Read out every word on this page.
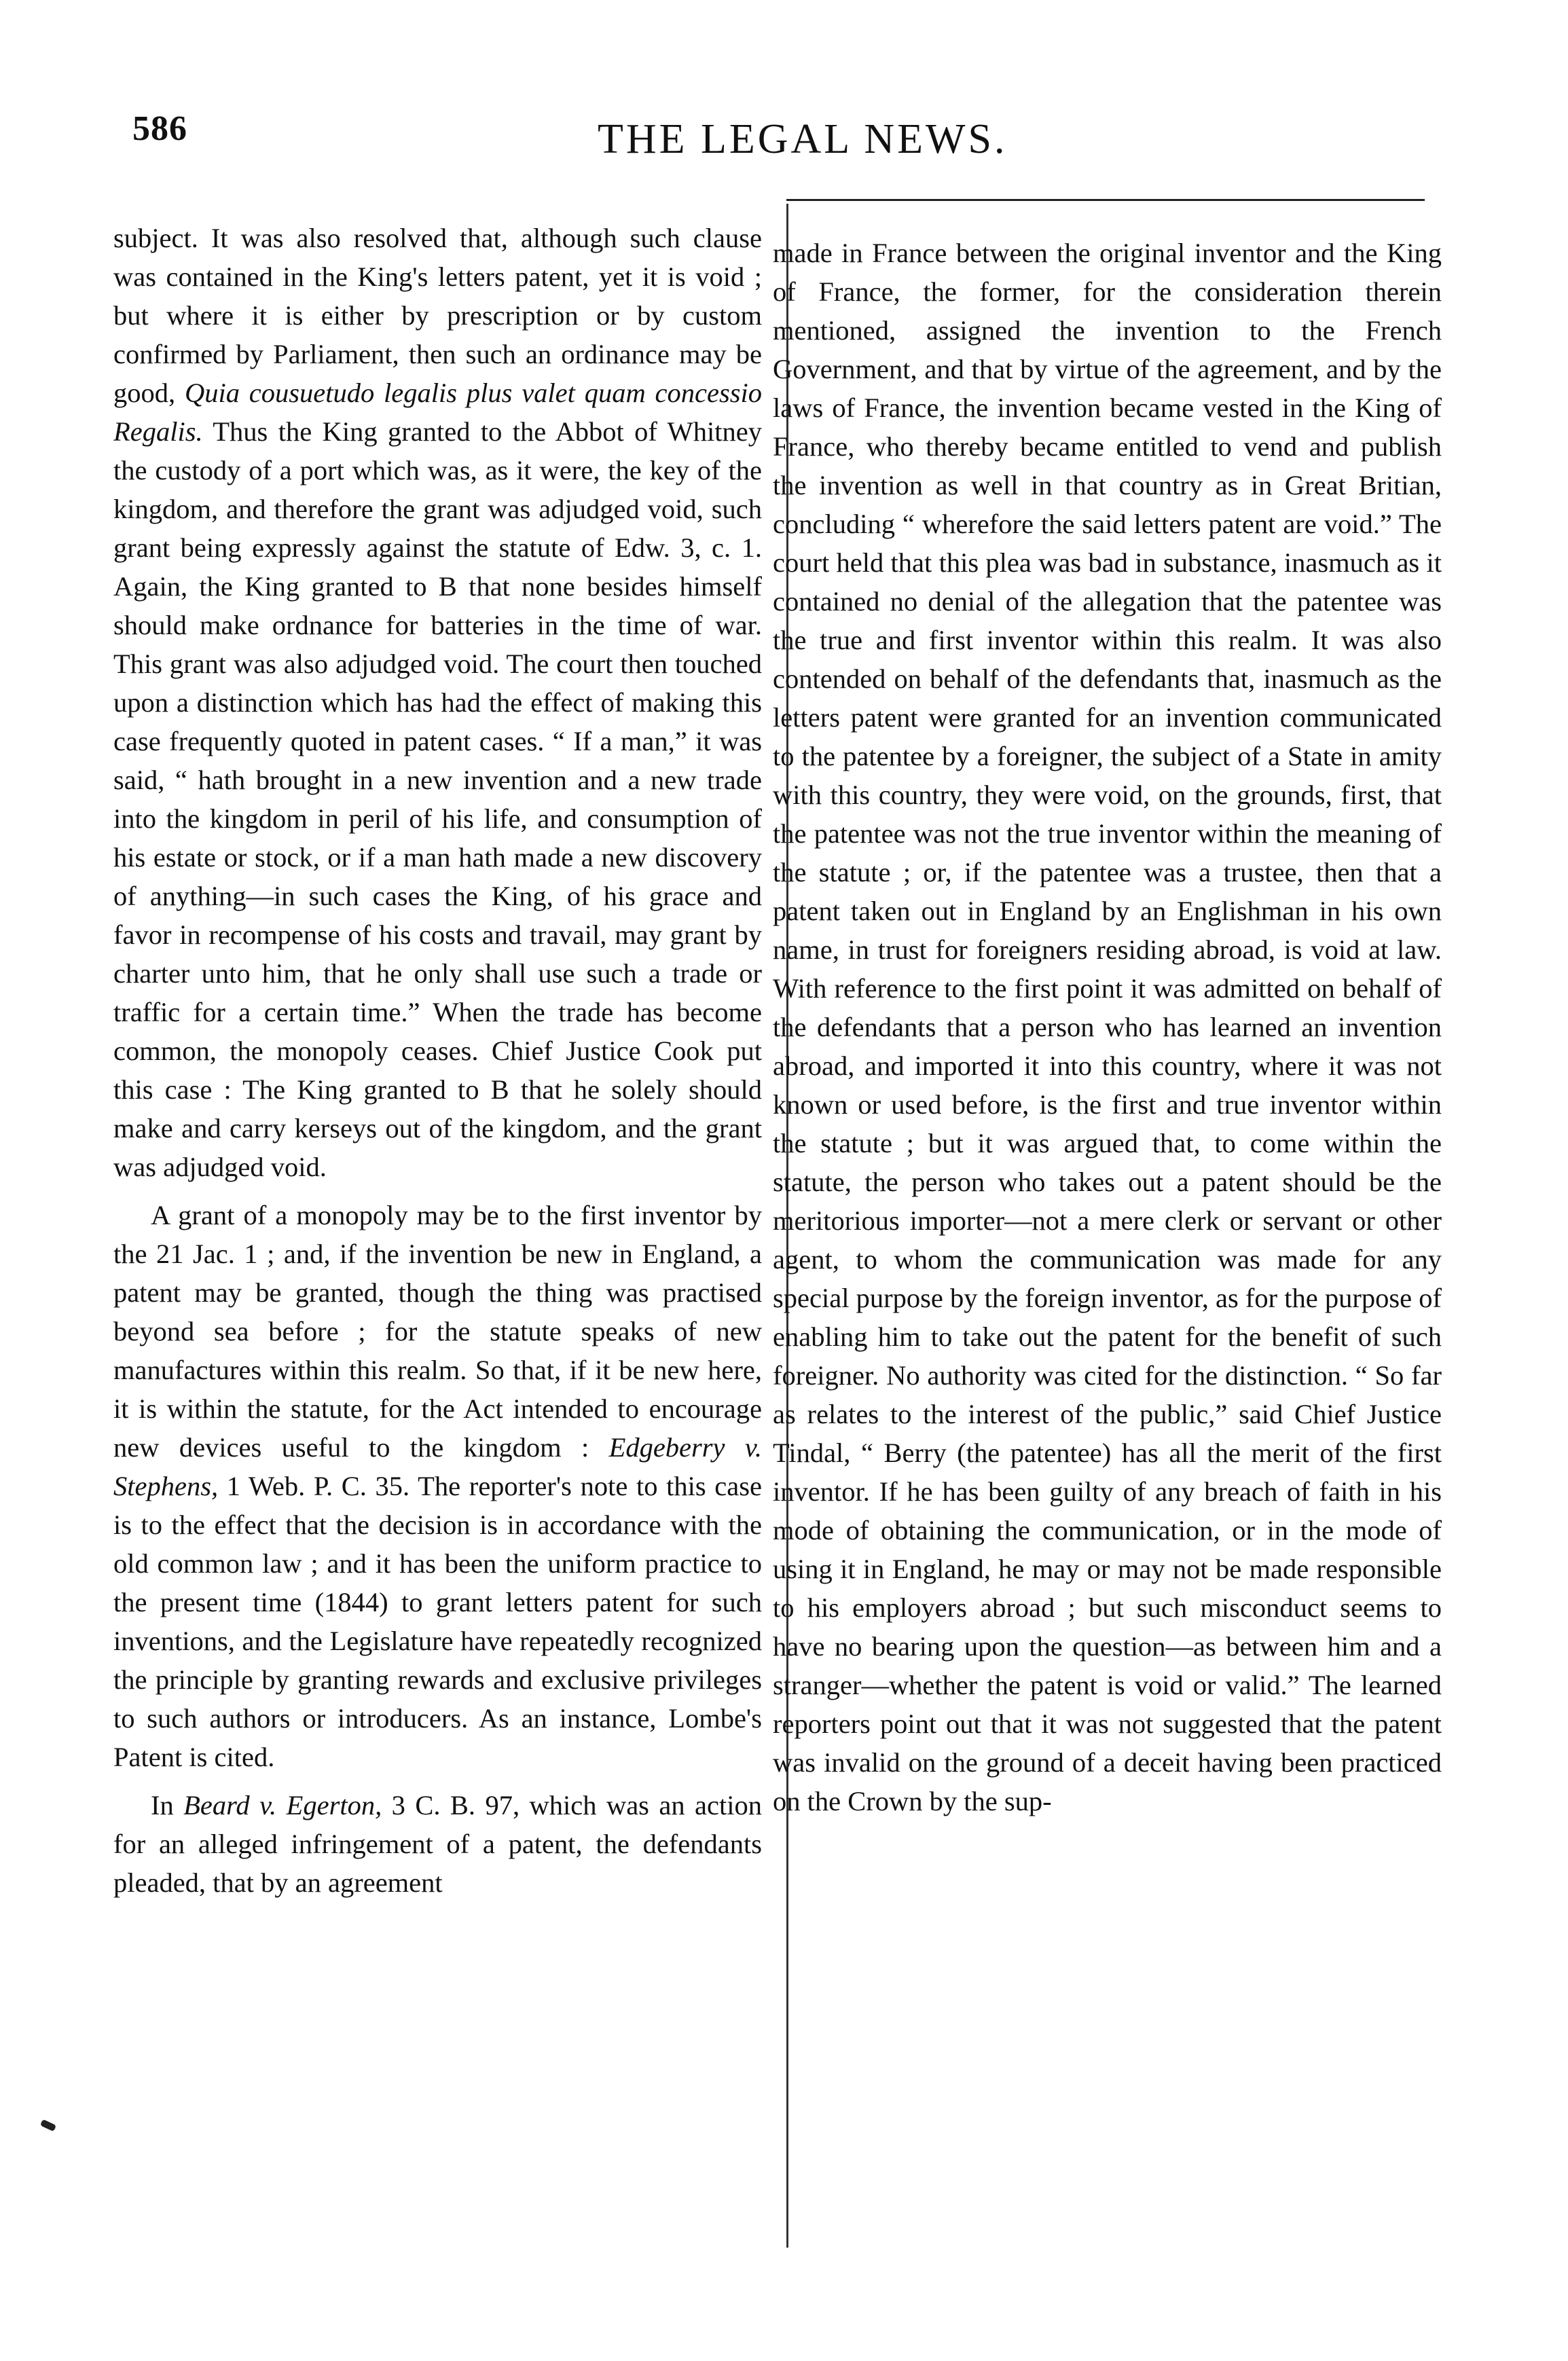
586	THE LEGAL NEWS.

subject. It was also resolved that, although such clause was contained in the King's letters patent, yet it is void ; but where it is either by prescription or by custom confirmed by Parliament, then such an ordinance may be good, Quia cousuetudo legalis plus valet quam concessio Regalis. Thus the King granted to the Abbot of Whitney the custody of a port which was, as it were, the key of the kingdom, and therefore the grant was adjudged void, such grant being expressly against the statute of Edw. 3, c. 1. Again, the King granted to B that none besides himself should make ordnance for batteries in the time of war. This grant was also adjudged void. The court then touched upon a distinction which has had the effect of making this case frequently quoted in patent cases. “ If a man,” it was said, “ hath brought in a new invention and a new trade into the kingdom in peril of his life, and consumption of his estate or stock, or if a man hath made a new discovery of anything—in such cases the King, of his grace and favor in recompense of his costs and travail, may grant by charter unto him, that he only shall use such a trade or traffic for a certain time.” When the trade has become common, the monopoly ceases. Chief Justice Cook put this case : The King granted to B that he solely should make and carry kerseys out of the kingdom, and the grant was adjudged void.

A grant of a monopoly may be to the first inventor by the 21 Jac. 1 ; and, if the invention be new in England, a patent may be granted, though the thing was practised beyond sea before ; for the statute speaks of new manufactures within this realm. So that, if it be new here, it is within the statute, for the Act intended to encourage new devices useful to the kingdom : Edgeberry v. Stephens, 1 Web. P. C. 35. The reporter's note to this case is to the effect that the decision is in accordance with the old common law ; and it has been the uniform practice to the present time (1844) to grant letters patent for such inventions, and the Legislature have repeatedly recognized the principle by granting rewards and exclusive privileges to such authors or introducers. As an instance, Lombe's Patent is cited.

In Beard v. Egerton, 3 C. B. 97, which was an action for an alleged infringement of a patent, the defendants pleaded, that by an agreement

made in France between the original inventor and the King of France, the former, for the consideration therein mentioned, assigned the invention to the French Government, and that by virtue of the agreement, and by the laws of France, the invention became vested in the King of France, who thereby became entitled to vend and publish the invention as well in that country as in Great Britian, concluding “ wherefore the said letters patent are void.” The court held that this plea was bad in substance, inasmuch as it contained no denial of the allegation that the patentee was the true and first inventor within this realm. It was also contended on behalf of the defendants that, inasmuch as the letters patent were granted for an invention communicated to the patentee by a foreigner, the subject of a State in amity with this country, they were void, on the grounds, first, that the patentee was not the true inventor within the meaning of the statute ; or, if the patentee was a trustee, then that a patent taken out in England by an Englishman in his own name, in trust for foreigners residing abroad, is void at law. With reference to the first point it was admitted on behalf of the defendants that a person who has learned an invention abroad, and imported it into this country, where it was not known or used before, is the first and true inventor within the statute ; but it was argued that, to come within the statute, the person who takes out a patent should be the meritorious importer—not a mere clerk or servant or other agent, to whom the communication was made for any special purpose by the foreign inventor, as for the purpose of enabling him to take out the patent for the benefit of such foreigner. No authority was cited for the distinction. “ So far as relates to the interest of the public,” said Chief Justice Tindal, “ Berry (the patentee) has all the merit of the first inventor. If he has been guilty of any breach of faith in his mode of obtaining the communication, or in the mode of using it in England, he may or may not be made responsible to his employers abroad ; but such misconduct seems to have no bearing upon the question—as between him and a stranger—whether the patent is void or valid.” The learned reporters point out that it was not suggested that the patent was invalid on the ground of a deceit having been practiced on the Crown by the sup-
